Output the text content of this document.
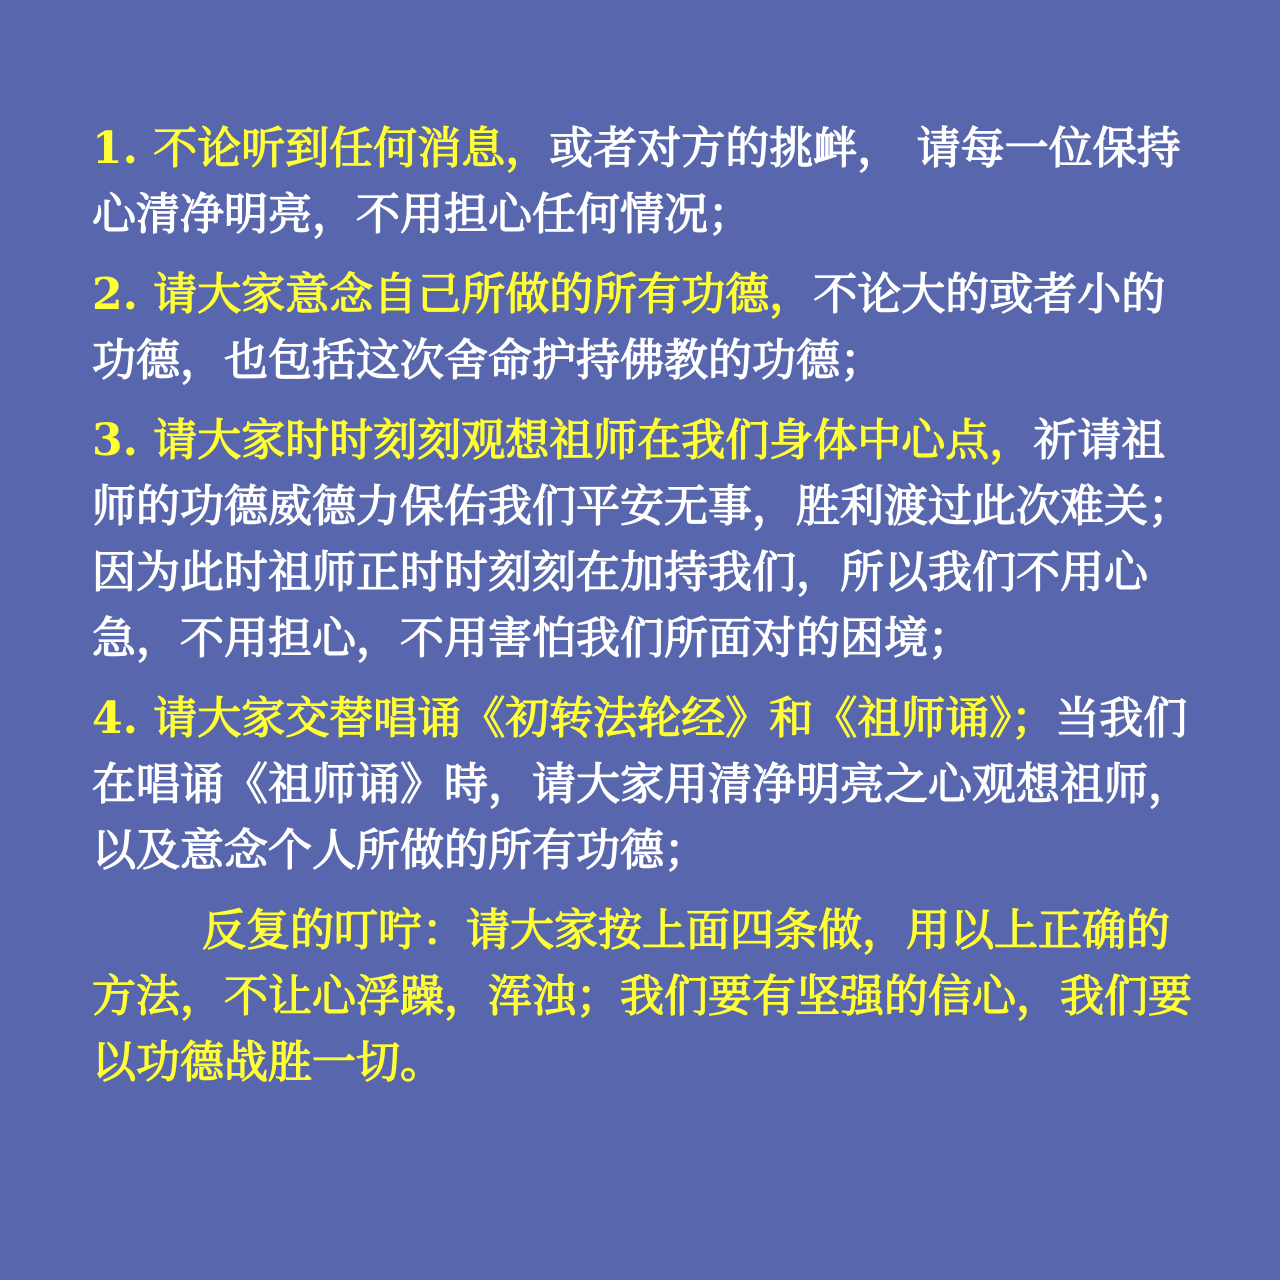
1. 不论听到任何消息，或者对方的挑衅， 请每一位保持心清净明亮，不用担心任何情况；

2. 请大家意念自己所做的所有功德，不论大的或者小的功德，也包括这次舍命护持佛教的功德；

3. 请大家时时刻刻观想祖师在我们身体中心点，祈请祖师的功德威德力保佑我们平安无事，胜利渡过此次难关；因为此时祖师正时时刻刻在加持我们，所以我们不用心急，不用担心，不用害怕我们所面对的困境；

4. 请大家交替唱诵《初转法轮经》和《祖师诵》；当我们在唱诵《祖师诵》時，请大家用清净明亮之心观想祖师，以及意念个人所做的所有功德；

反复的叮咛：请大家按上面四条做，用以上正确的方法，不让心浮躁，浑浊；我们要有坚强的信心，我们要以功德战胜一切。
